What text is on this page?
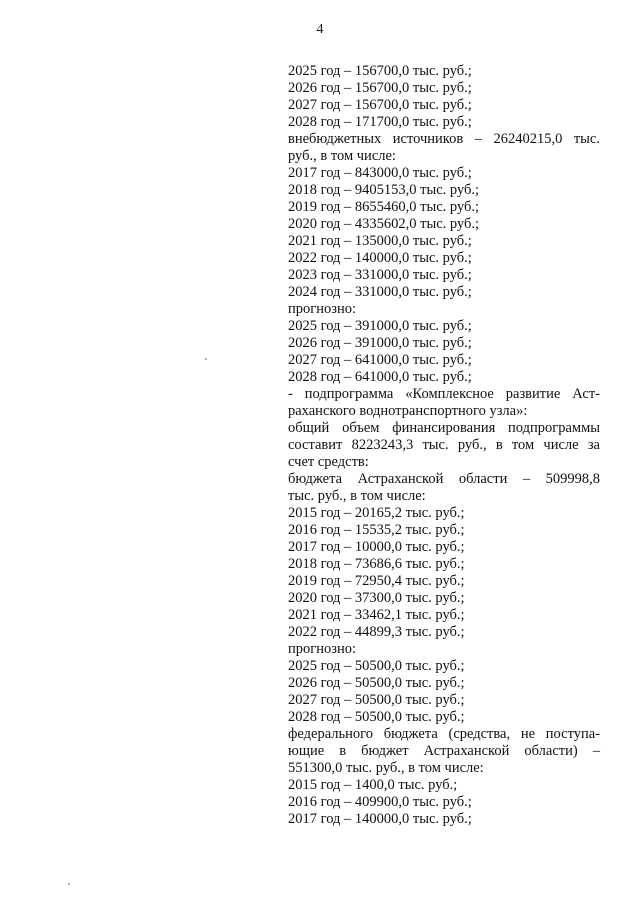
4
2025 год – 156700,0 тыс. руб.;
2026 год – 156700,0 тыс. руб.;
2027 год – 156700,0 тыс. руб.;
2028 год – 171700,0 тыс. руб.;
внебюджетных источников – 26240215,0 тыс.
руб., в том числе:
2017 год – 843000,0 тыс. руб.;
2018 год – 9405153,0 тыс. руб.;
2019 год – 8655460,0 тыс. руб.;
2020 год – 4335602,0 тыс. руб.;
2021 год – 135000,0 тыс. руб.;
2022 год – 140000,0 тыс. руб.;
2023 год – 331000,0 тыс. руб.;
2024 год – 331000,0 тыс. руб.;
прогнозно:
2025 год – 391000,0 тыс. руб.;
2026 год – 391000,0 тыс. руб.;
2027 год – 641000,0 тыс. руб.;
2028 год – 641000,0 тыс. руб.;
- подпрограмма «Комплексное развитие Аст-
раханского воднотранспортного узла»:
общий объем финансирования подпрограммы
составит 8223243,3 тыс. руб., в том числе за
счет средств:
бюджета Астраханской области – 509998,8
тыс. руб., в том числе:
2015 год – 20165,2 тыс. руб.;
2016 год – 15535,2 тыс. руб.;
2017 год – 10000,0 тыс. руб.;
2018 год – 73686,6 тыс. руб.;
2019 год – 72950,4 тыс. руб.;
2020 год – 37300,0 тыс. руб.;
2021 год – 33462,1 тыс. руб.;
2022 год – 44899,3 тыс. руб.;
прогнозно:
2025 год – 50500,0 тыс. руб.;
2026 год – 50500,0 тыс. руб.;
2027 год – 50500,0 тыс. руб.;
2028 год – 50500,0 тыс. руб.;
федерального бюджета (средства, не поступа-
ющие в бюджет Астраханской области) –
551300,0 тыс. руб., в том числе:
2015 год – 1400,0 тыс. руб.;
2016 год – 409900,0 тыс. руб.;
2017 год – 140000,0 тыс. руб.;
